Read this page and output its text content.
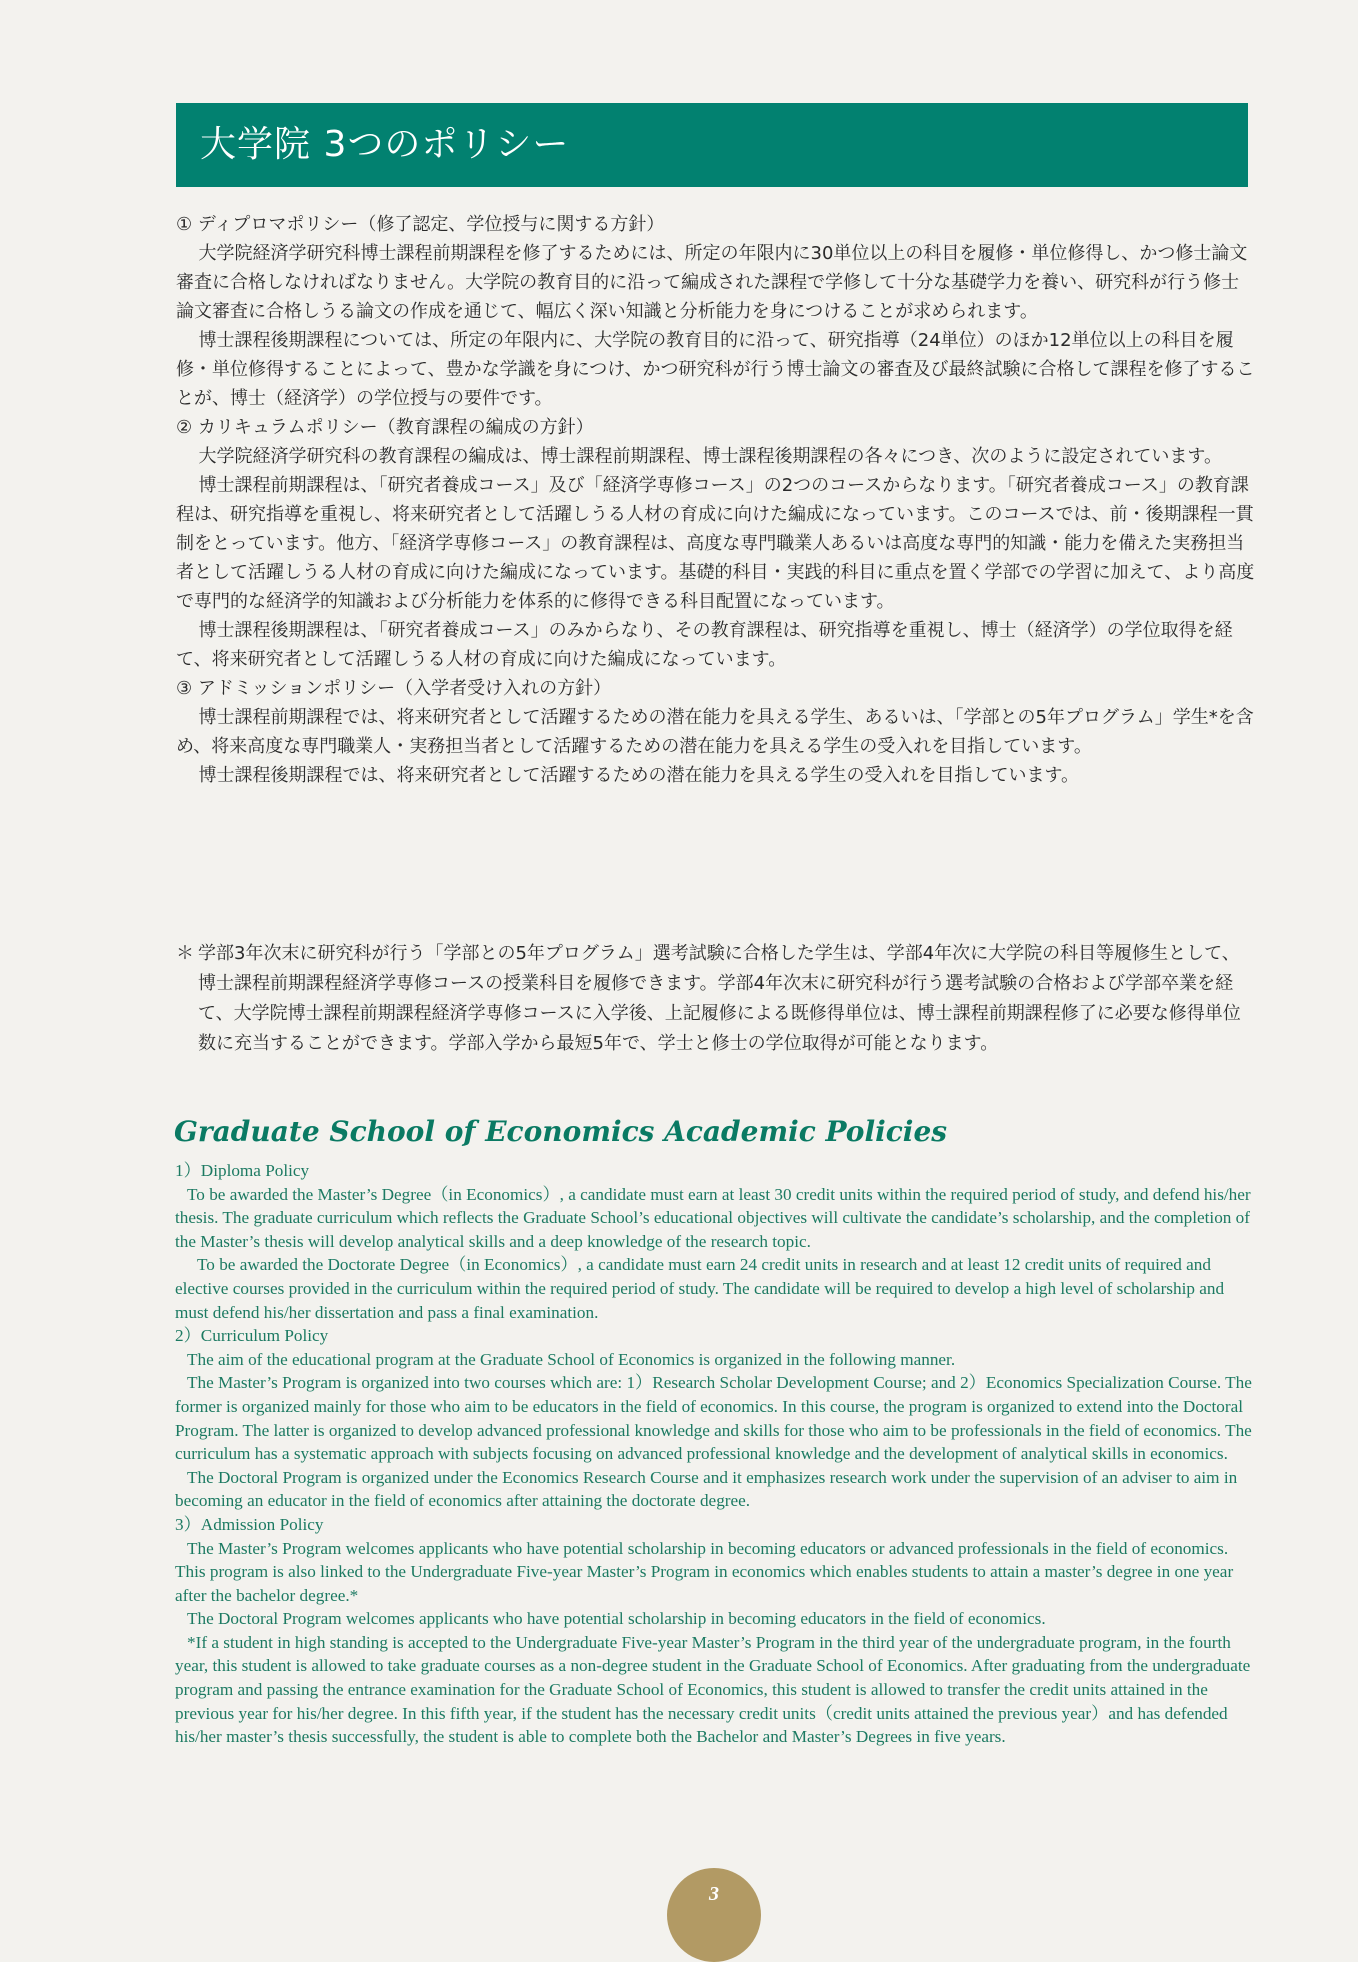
大学院 3つのポリシー

① ディプロマポリシー（修了認定、学位授与に関する方針）

大学院経済学研究科博士課程前期課程を修了するためには、所定の年限内に30単位以上の科目を履修・単位修得し、かつ修士論文審査に合格しなければなりません。大学院の教育目的に沿って編成された課程で学修して十分な基礎学力を養い、研究科が行う修士論文審査に合格しうる論文の作成を通じて、幅広く深い知識と分析能力を身につけることが求められます。

博士課程後期課程については、所定の年限内に、大学院の教育目的に沿って、研究指導（24単位）のほか12単位以上の科目を履修・単位修得することによって、豊かな学識を身につけ、かつ研究科が行う博士論文の審査及び最終試験に合格して課程を修了することが、博士（経済学）の学位授与の要件です。

② カリキュラムポリシー（教育課程の編成の方針）

大学院経済学研究科の教育課程の編成は、博士課程前期課程、博士課程後期課程の各々につき、次のように設定されています。

博士課程前期課程は、「研究者養成コース」及び「経済学専修コース」の2つのコースからなります。「研究者養成コース」の教育課程は、研究指導を重視し、将来研究者として活躍しうる人材の育成に向けた編成になっています。このコースでは、前・後期課程一貫制をとっています。他方、「経済学専修コース」の教育課程は、高度な専門職業人あるいは高度な専門的知識・能力を備えた実務担当者として活躍しうる人材の育成に向けた編成になっています。基礎的科目・実践的科目に重点を置く学部での学習に加えて、より高度で専門的な経済学的知識および分析能力を体系的に修得できる科目配置になっています。

博士課程後期課程は、「研究者養成コース」のみからなり、その教育課程は、研究指導を重視し、博士（経済学）の学位取得を経て、将来研究者として活躍しうる人材の育成に向けた編成になっています。

③ アドミッションポリシー（入学者受け入れの方針）

博士課程前期課程では、将来研究者として活躍するための潜在能力を具える学生、あるいは、「学部との5年プログラム」学生*を含め、将来高度な専門職業人・実務担当者として活躍するための潜在能力を具える学生の受入れを目指しています。

博士課程後期課程では、将来研究者として活躍するための潜在能力を具える学生の受入れを目指しています。

＊ 学部3年次末に研究科が行う「学部との5年プログラム」選考試験に合格した学生は、学部4年次に大学院の科目等履修生として、博士課程前期課程経済学専修コースの授業科目を履修できます。学部4年次末に研究科が行う選考試験の合格および学部卒業を経て、大学院博士課程前期課程経済学専修コースに入学後、上記履修による既修得単位は、博士課程前期課程修了に必要な修得単位数に充当することができます。学部入学から最短5年で、学士と修士の学位取得が可能となります。
Graduate School of Economics Academic Policies

1）Diploma Policy

To be awarded the Master’s Degree（in Economics）, a candidate must earn at least 30 credit units within the required period of study, and defend his/her thesis. The graduate curriculum which reflects the Graduate School’s educational objectives will cultivate the candidate’s scholarship, and the completion of the Master’s thesis will develop analytical skills and a deep knowledge of the research topic.

To be awarded the Doctorate Degree（in Economics）, a candidate must earn 24 credit units in research and at least 12 credit units of required and elective courses provided in the curriculum within the required period of study. The candidate will be required to develop a high level of scholarship and must defend his/her dissertation and pass a final examination.

2）Curriculum Policy

The aim of the educational program at the Graduate School of Economics is organized in the following manner.

The Master’s Program is organized into two courses which are: 1）Research Scholar Development Course; and 2）Economics Specialization Course. The former is organized mainly for those who aim to be educators in the field of economics. In this course, the program is organized to extend into the Doctoral Program. The latter is organized to develop advanced professional knowledge and skills for those who aim to be professionals in the field of economics. The curriculum has a systematic approach with subjects focusing on advanced professional knowledge and the development of analytical skills in economics.

The Doctoral Program is organized under the Economics Research Course and it emphasizes research work under the supervision of an adviser to aim in becoming an educator in the field of economics after attaining the doctorate degree.

3）Admission Policy

The Master’s Program welcomes applicants who have potential scholarship in becoming educators or advanced professionals in the field of economics. This program is also linked to the Undergraduate Five-year Master’s Program in economics which enables students to attain a master’s degree in one year after the bachelor degree.*

The Doctoral Program welcomes applicants who have potential scholarship in becoming educators in the field of economics.

*If a student in high standing is accepted to the Undergraduate Five-year Master’s Program in the third year of the undergraduate program, in the fourth year, this student is allowed to take graduate courses as a non-degree student in the Graduate School of Economics. After graduating from the undergraduate program and passing the entrance examination for the Graduate School of Economics, this student is allowed to transfer the credit units attained in the previous year for his/her degree. In this fifth year, if the student has the necessary credit units（credit units attained the previous year）and has defended his/her master’s thesis successfully, the student is able to complete both the Bachelor and Master’s Degrees in five years.

3
